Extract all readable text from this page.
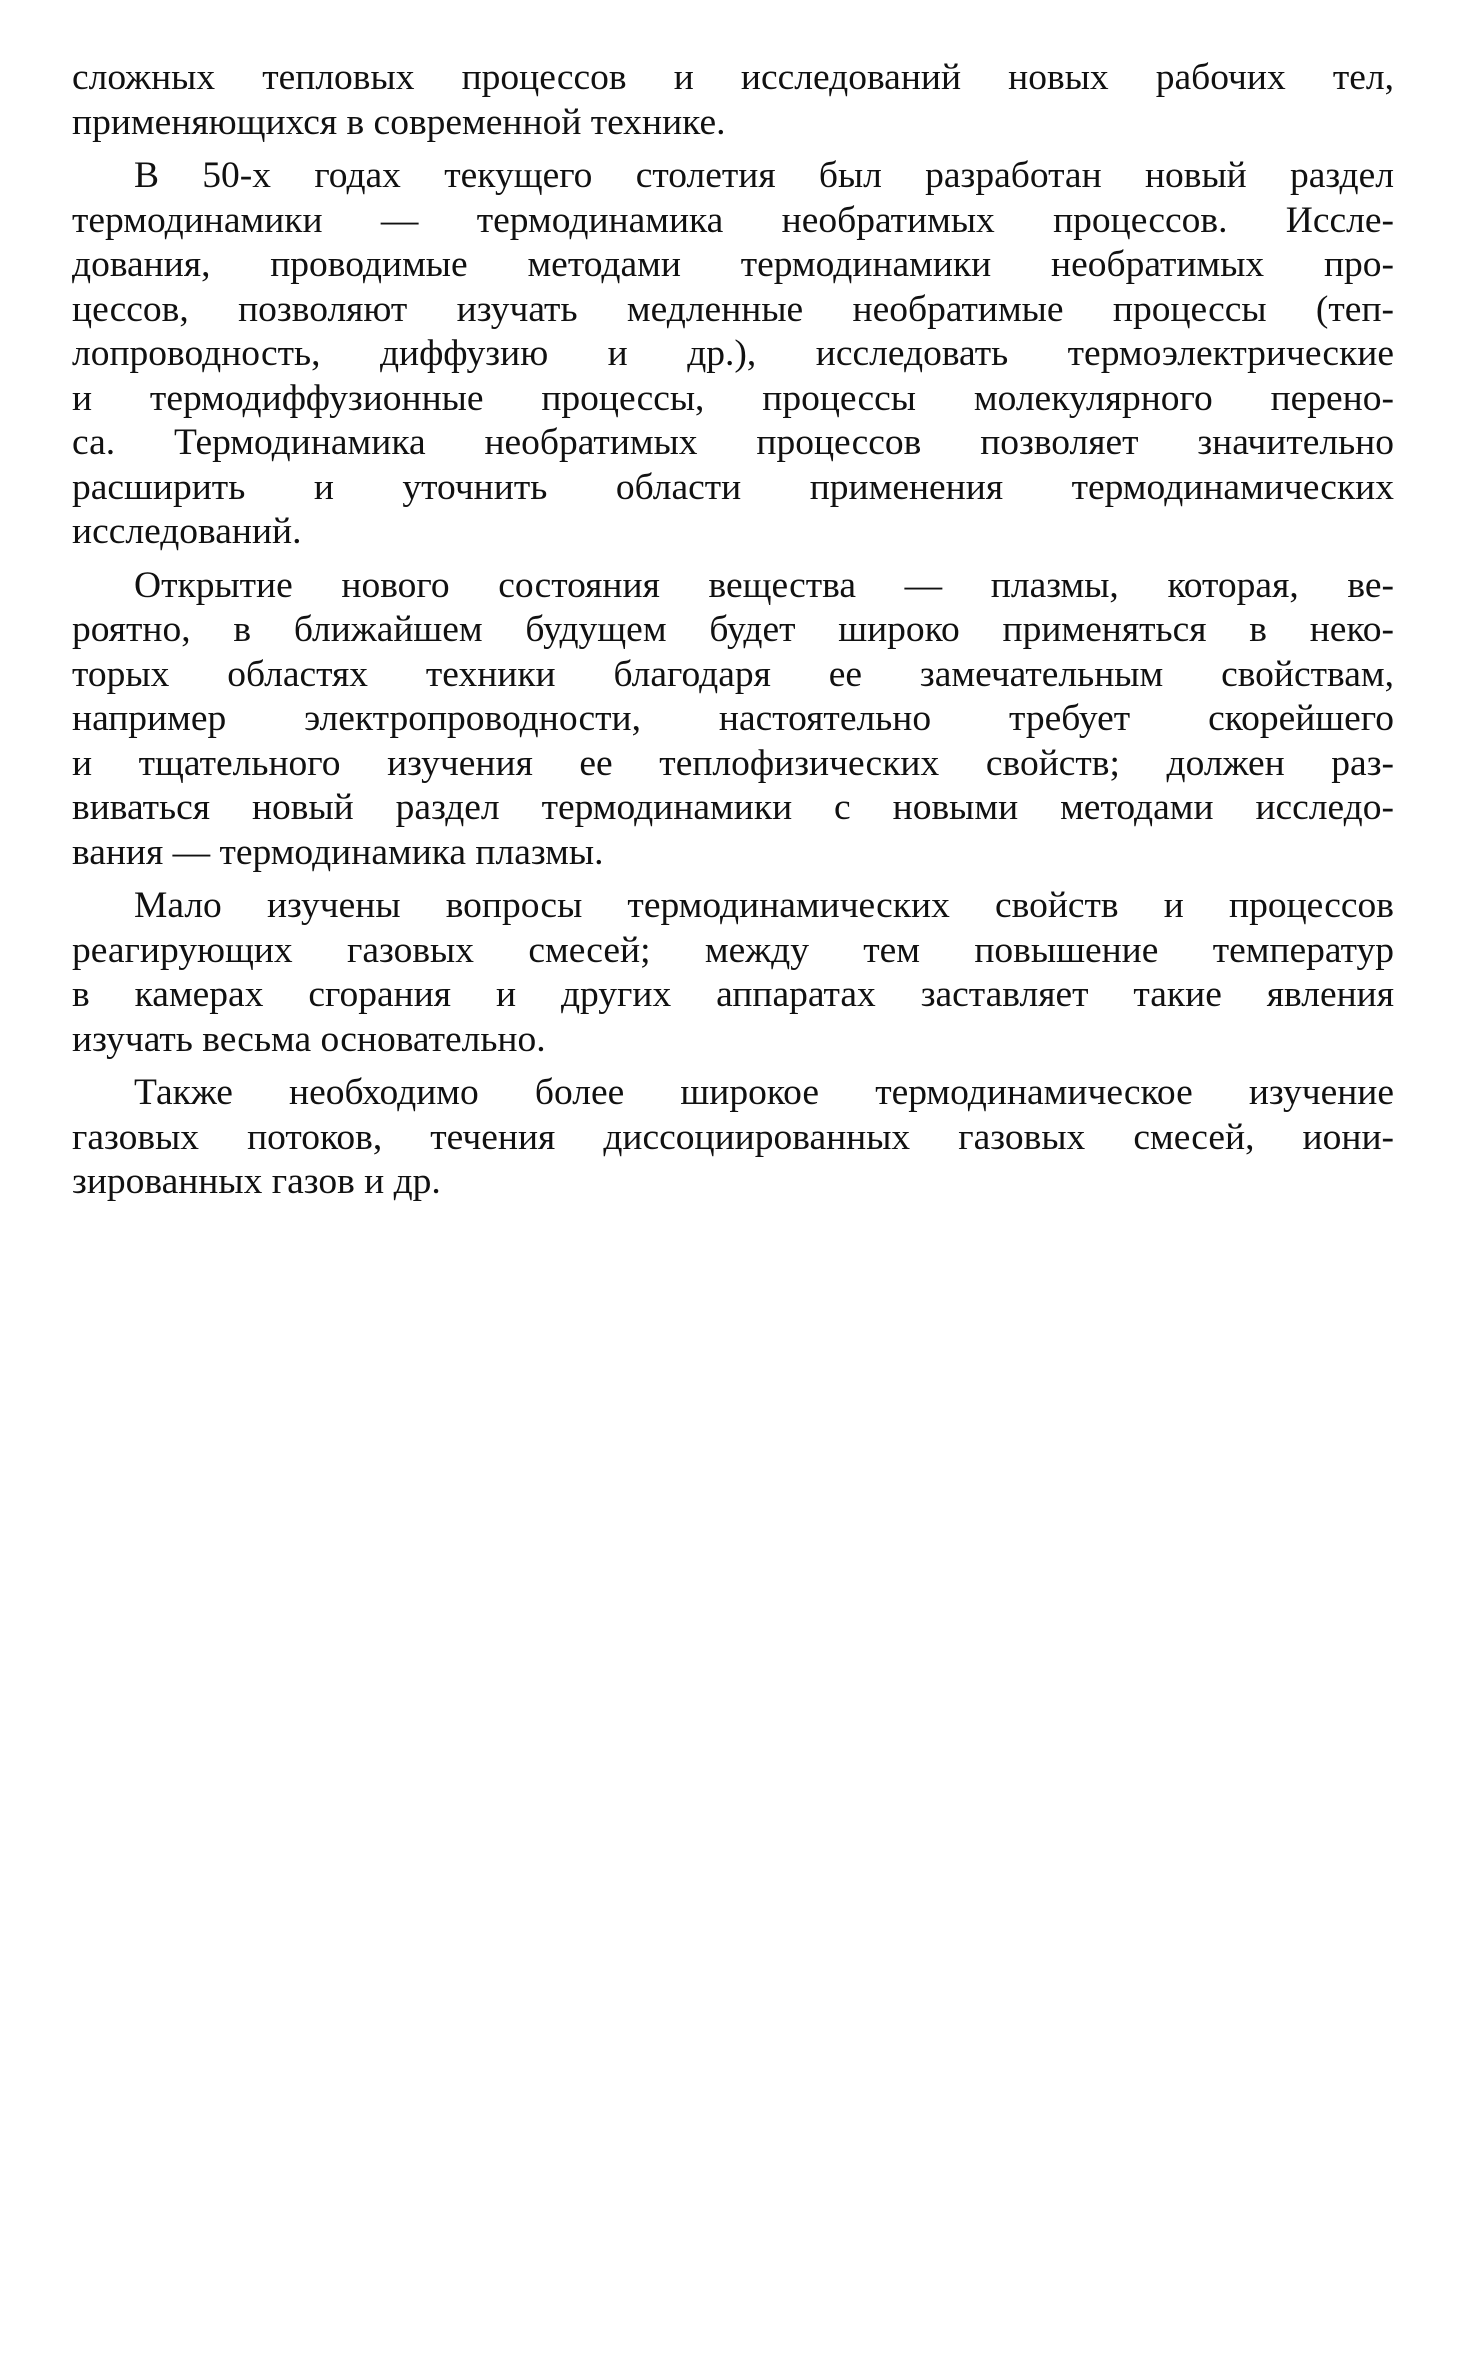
сложных тепловых процессов и исследований новых рабочих тел,
применяющихся в современной технике.
В 50-х годах текущего столетия был разработан новый раздел
термодинамики — термодинамика необратимых процессов. Иссле-
дования, проводимые методами термодинамики необратимых про-
цессов, позволяют изучать медленные необратимые процессы (теп-
лопроводность, диффузию и др.), исследовать термоэлектрические
и термодиффузионные процессы, процессы молекулярного перено-
са. Термодинамика необратимых процессов позволяет значительно
расширить и уточнить области применения термодинамических
исследований.
Открытие нового состояния вещества — плазмы, которая, ве-
роятно, в ближайшем будущем будет широко применяться в неко-
торых областях техники благодаря ее замечательным свойствам,
например электропроводности, настоятельно требует скорейшего
и тщательного изучения ее теплофизических свойств; должен раз-
виваться новый раздел термодинамики с новыми методами исследо-
вания — термодинамика плазмы.
Мало изучены вопросы термодинамических свойств и процессов
реагирующих газовых смесей; между тем повышение температур
в камерах сгорания и других аппаратах заставляет такие явления
изучать весьма основательно.
Также необходимо более широкое термодинамическое изучение
газовых потоков, течения диссоциированных газовых смесей, иони-
зированных газов и др.
